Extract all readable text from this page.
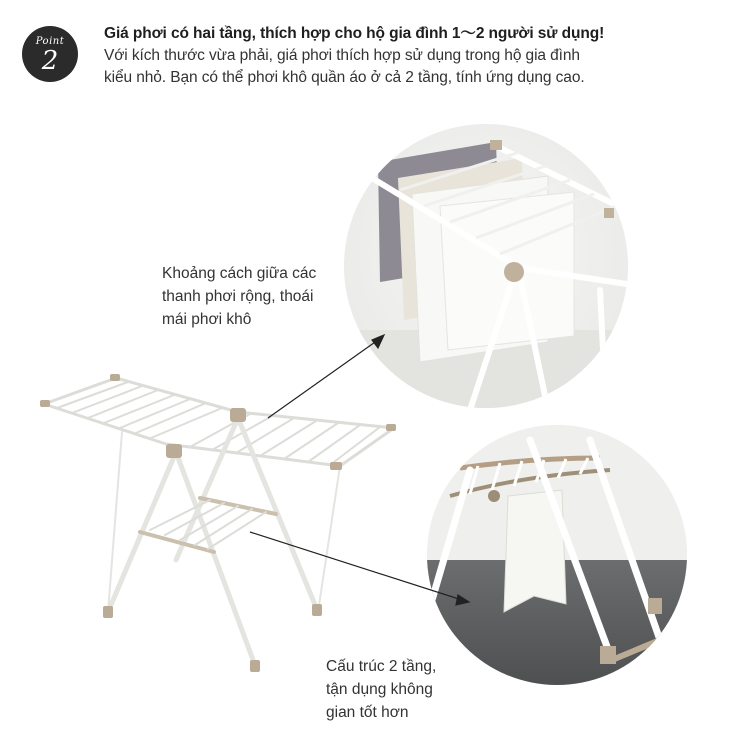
Point
2
Giá phơi có hai tầng, thích hợp cho hộ gia đình 1～2 người sử dụng!
Với kích thước vừa phải, giá phơi thích hợp sử dụng trong hộ gia đình
kiểu nhỏ. Bạn có thể phơi khô quần áo ở cả 2 tầng, tính ứng dụng cao.
Khoảng cách giữa các
thanh phơi rộng, thoái
mái phơi khô
Cấu trúc 2 tầng,
tận dụng không
gian tốt hơn
